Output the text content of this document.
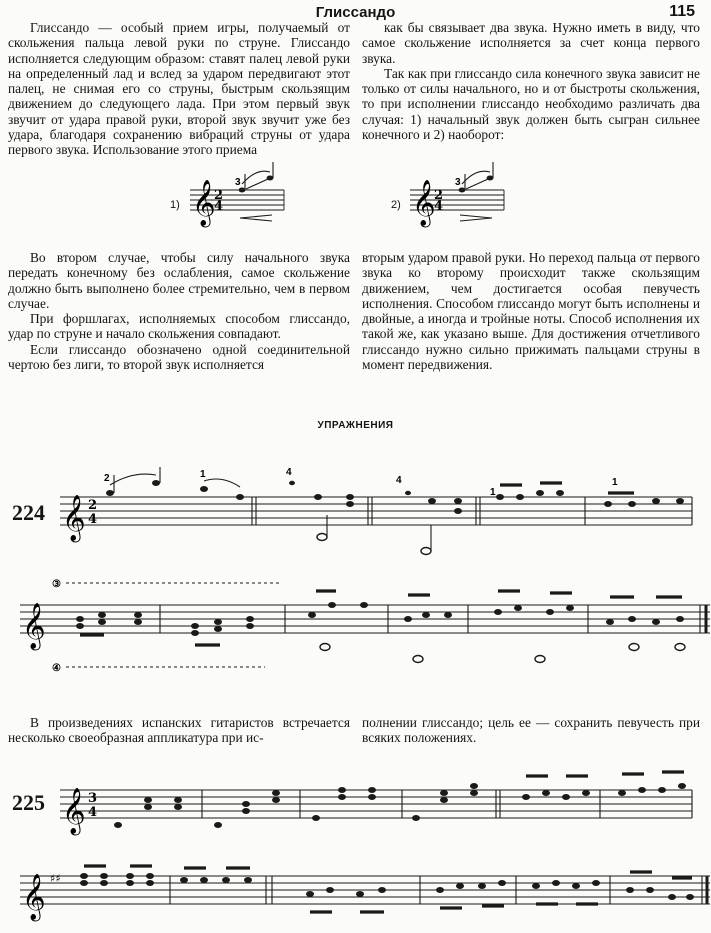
Глиссандо	115

Глиссандо — особый прием игры, получаемый от скольжения пальца левой руки по струне. Глиссандо исполняется следующим образом: ставят палец левой руки на определенный лад и вслед за ударом передвигают этот палец, не снимая его со струны, быстрым скользящим движением до следующего лада. При этом первый звук звучит от удара правой руки, второй звук звучит уже без удара, благодаря сохранению вибраций струны от удара первого звука. Использование этого приема

как бы связывает два звука. Нужно иметь в виду, что самое скольжение исполняется за счет конца первого звука.

Так как при глиссандо сила конечного звука зависит не только от силы начального, но и от быстроты скольжения, то при исполнении глиссандо необходимо различать два случая: 1) начальный звук должен быть сыгран сильнее конечного и 2) наоборот:

1) 𝄞
2
4
3
2) 𝄞
2
4
3

Во втором случае, чтобы силу начального звука передать конечному без ослабления, самое скольжение должно быть выполнено более стремительно, чем в первом случае.

При форшлагах, исполняемых способом глиссандо, удар по струне и начало скольжения совпадают.

Если глиссандо обозначено одной соединительной чертою без лиги, то второй звук исполняется

вторым ударом правой руки. Но переход пальца от первого звука ко второму происходит также скользящим движением, чем достигается особая певучесть исполнения. Способом глиссандо могут быть исполнены и двойные, а иногда и тройные ноты. Способ исполнения их такой же, как указано выше. Для достижения отчетливого глиссандо нужно сильно прижимать пальцами струны в момент передвижения.

УПРАЖНЕНИЯ
224 𝄞 2
4
2	1	4
4
1
1
𝄞
③
④

В произведениях испанских гитаристов встречается несколько своеобразная аппликатура при ис-

полнении глиссандо; цель ее — сохранить певучесть при всяких положениях.

225 𝄞 3
4
𝄞 ♯♯
